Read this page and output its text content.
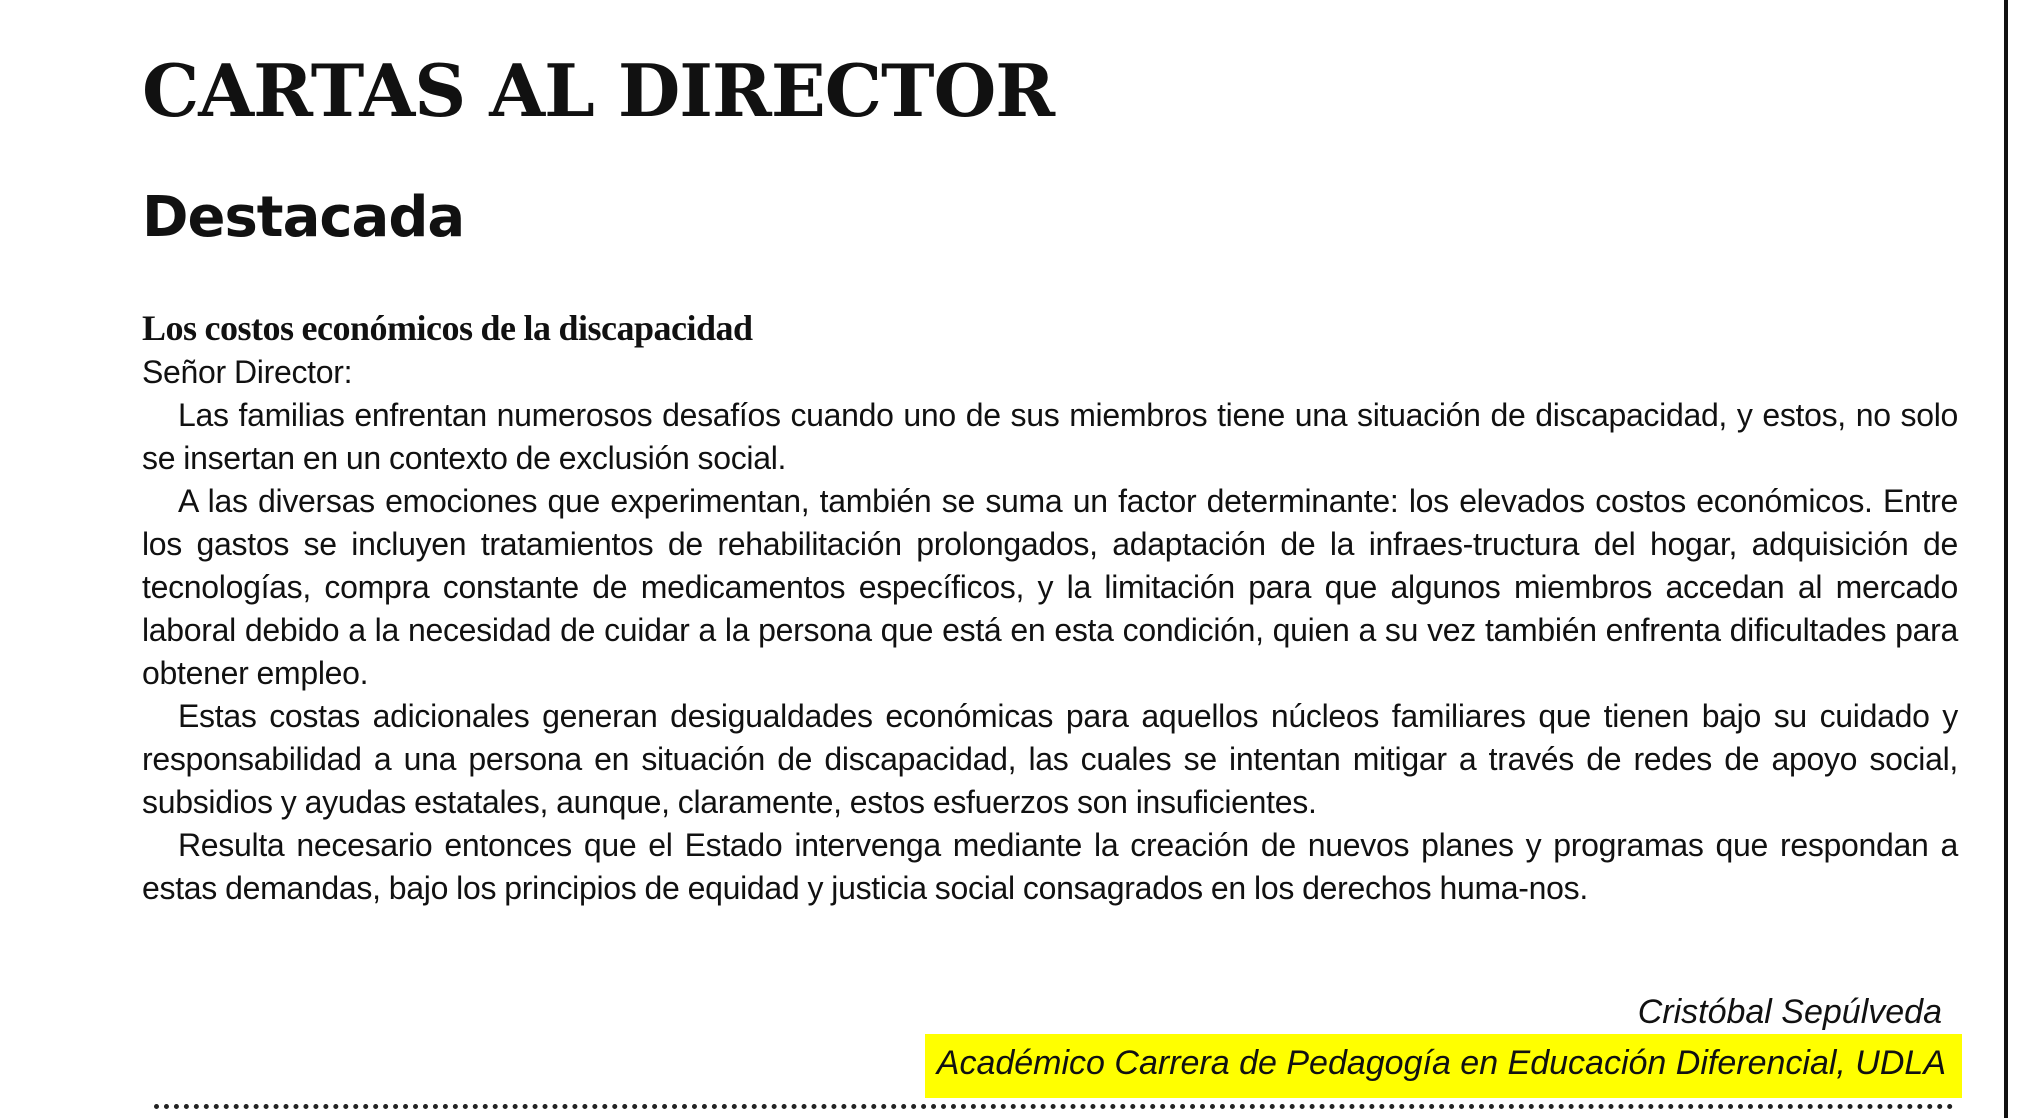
CARTAS AL DIRECTOR
Destacada
Los costos económicos de la discapacidad

Señor Director:

Las familias enfrentan numerosos desafíos cuando uno de sus miembros tiene una situación de discapacidad, y estos, no solo se insertan en un contexto de exclusión social.

A las diversas emociones que experimentan, también se suma un factor determinante: los elevados costos económicos. Entre los gastos se incluyen tratamientos de rehabilitación prolongados, adaptación de la infraes-tructura del hogar, adquisición de tecnologías, compra constante de medicamentos específicos, y la limitación para que algunos miembros accedan al mercado laboral debido a la necesidad de cuidar a la persona que está en esta condición, quien a su vez también enfrenta dificultades para obtener empleo.

Estas costas adicionales generan desigualdades económicas para aquellos núcleos familiares que tienen bajo su cuidado y responsabilidad a una persona en situación de discapacidad, las cuales se intentan mitigar a través de redes de apoyo social, subsidios y ayudas estatales, aunque, claramente, estos esfuerzos son insuficientes.

Resulta necesario entonces que el Estado intervenga mediante la creación de nuevos planes y programas que respondan a estas demandas, bajo los principios de equidad y justicia social consagrados en los derechos huma-nos.

Cristóbal Sepúlveda
Académico Carrera de Pedagogía en Educación Diferencial, UDLA
